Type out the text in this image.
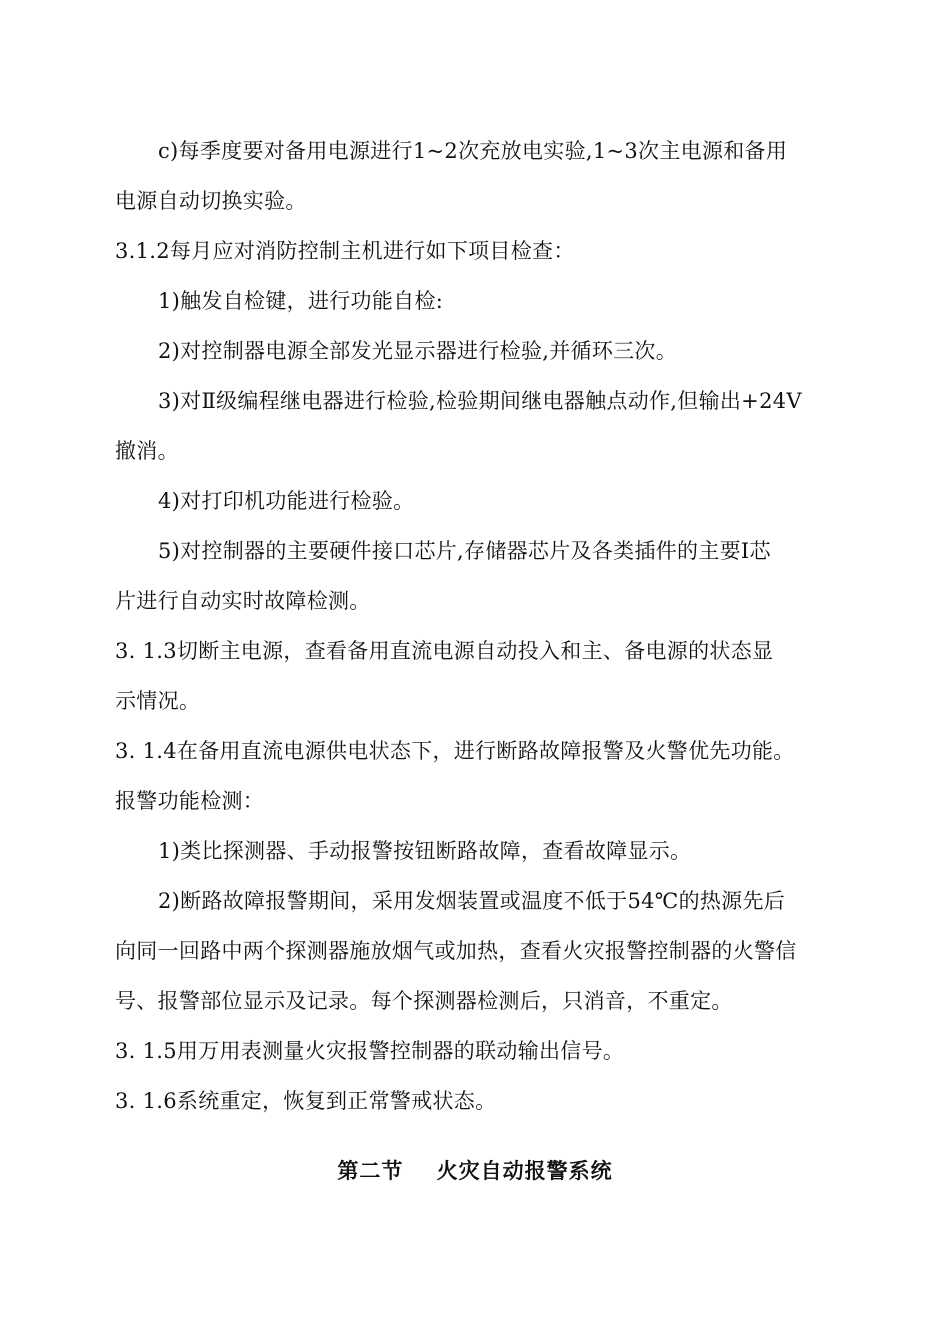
c)每季度要对备用电源进行1~2次充放电实验,1~3次主电源和备用
电源自动切换实验。
3.1.2每月应对消防控制主机进行如下项目检查：
1)触发自检键，进行功能自检:
2)对控制器电源全部发光显示器进行检验,并循环三次。
3)对Ⅱ级编程继电器进行检验,检验期间继电器触点动作,但输出+24V
撤消。
4)对打印机功能进行检验。
5)对控制器的主要硬件接口芯片,存储器芯片及各类插件的主要I芯
片进行自动实时故障检测。
3. 1.3切断主电源，查看备用直流电源自动投入和主、备电源的状态显
示情况。
3. 1.4在备用直流电源供电状态下，进行断路故障报警及火警优先功能。
报警功能检测：
1)类比探测器、手动报警按钮断路故障，查看故障显示。
2)断路故障报警期间，采用发烟装置或温度不低于54℃的热源先后
向同一回路中两个探测器施放烟气或加热，查看火灾报警控制器的火警信
号、报警部位显示及记录。每个探测器检测后，只消音，不重定。
3. 1.5用万用表测量火灾报警控制器的联动输出信号。
3. 1.6系统重定，恢复到正常警戒状态。
第二节    火灾自动报警系统
